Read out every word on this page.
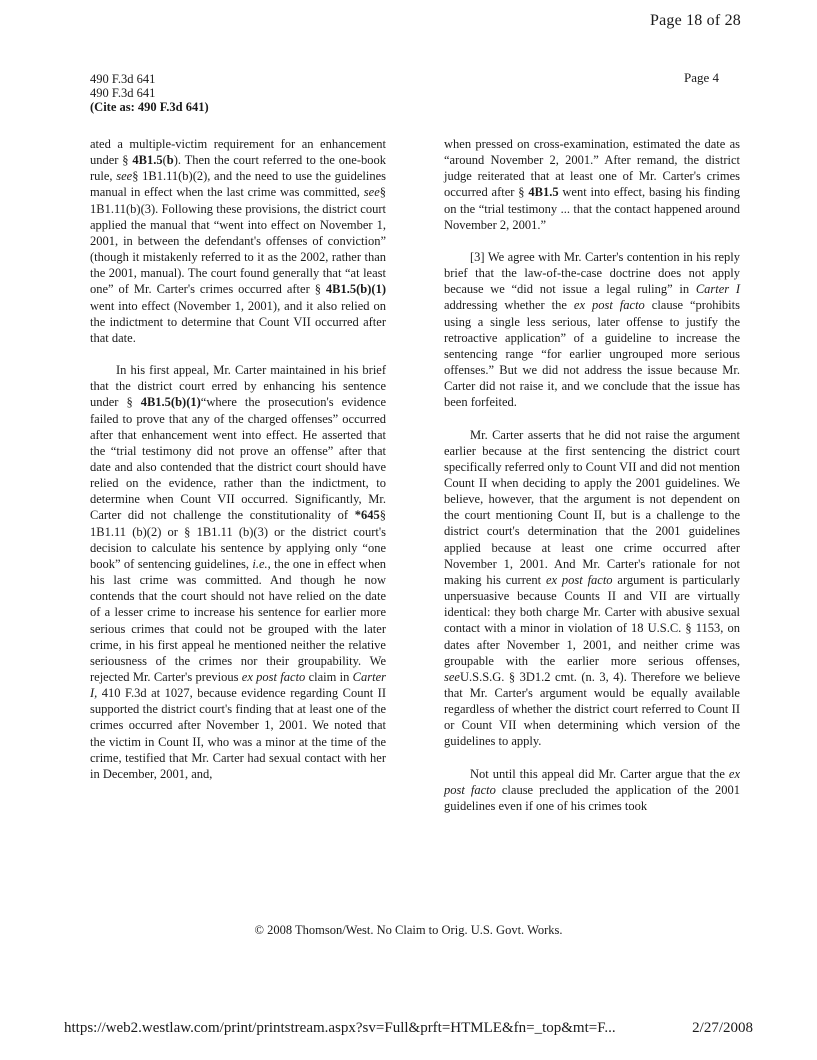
Page 18 of 28
490 F.3d 641
490 F.3d 641
(Cite as: 490 F.3d 641)
Page 4

ated a multiple-victim requirement for an enhancement under § 4B1.5(b). Then the court referred to the one-book rule, see§ 1B1.11(b)(2), and the need to use the guidelines manual in effect when the last crime was committed, see§ 1B1.11(b)(3). Following these provisions, the district court applied the manual that “went into effect on November 1, 2001, in between the defendant's offenses of conviction” (though it mistakenly referred to it as the 2002, rather than the 2001, manual). The court found generally that “at least one” of Mr. Carter's crimes occurred after § 4B1.5(b)(1) went into effect (November 1, 2001), and it also relied on the indictment to determine that Count VII occurred after that date.

In his first appeal, Mr. Carter maintained in his brief that the district court erred by enhancing his sentence under § 4B1.5(b)(1)“where the prosecution's evidence failed to prove that any of the charged offenses” occurred after that enhancement went into effect. He asserted that the “trial testimony did not prove an offense” after that date and also contended that the district court should have relied on the evidence, rather than the indictment, to determine when Count VII occurred. Significantly, Mr. Carter did not challenge the constitutionality of *645§ 1B1.11 (b)(2) or § 1B1.11 (b)(3) or the district court's decision to calculate his sentence by applying only “one book” of sentencing guidelines, i.e., the one in effect when his last crime was committed. And though he now contends that the court should not have relied on the date of a lesser crime to increase his sentence for earlier more serious crimes that could not be grouped with the later crime, in his first appeal he mentioned neither the relative seriousness of the crimes nor their groupability. We rejected Mr. Carter's previous ex post facto claim in Carter I, 410 F.3d at 1027, because evidence regarding Count II supported the district court's finding that at least one of the crimes occurred after November 1, 2001. We noted that the victim in Count II, who was a minor at the time of the crime, testified that Mr. Carter had sexual contact with her in December, 2001, and,

when pressed on cross-examination, estimated the date as “around November 2, 2001.” After remand, the district judge reiterated that at least one of Mr. Carter's crimes occurred after § 4B1.5 went into effect, basing his finding on the “trial testimony ... that the contact happened around November 2, 2001.”

[3] We agree with Mr. Carter's contention in his reply brief that the law-of-the-case doctrine does not apply because we “did not issue a legal ruling” in Carter I addressing whether the ex post facto clause “prohibits using a single less serious, later offense to justify the retroactive application” of a guideline to increase the sentencing range “for earlier ungrouped more serious offenses.” But we did not address the issue because Mr. Carter did not raise it, and we conclude that the issue has been forfeited.

Mr. Carter asserts that he did not raise the argument earlier because at the first sentencing the district court specifically referred only to Count VII and did not mention Count II when deciding to apply the 2001 guidelines. We believe, however, that the argument is not dependent on the court mentioning Count II, but is a challenge to the district court's determination that the 2001 guidelines applied because at least one crime occurred after November 1, 2001. And Mr. Carter's rationale for not making his current ex post facto argument is particularly unpersuasive because Counts II and VII are virtually identical: they both charge Mr. Carter with abusive sexual contact with a minor in violation of 18 U.S.C. § 1153, on dates after November 1, 2001, and neither crime was groupable with the earlier more serious offenses, seeU.S.S.G. § 3D1.2 cmt. (n. 3, 4). Therefore we believe that Mr. Carter's argument would be equally available regardless of whether the district court referred to Count II or Count VII when determining which version of the guidelines to apply.

Not until this appeal did Mr. Carter argue that the ex post facto clause precluded the application of the 2001 guidelines even if one of his crimes took

© 2008 Thomson/West. No Claim to Orig. U.S. Govt. Works.
https://web2.westlaw.com/print/printstream.aspx?sv=Full&prft=HTMLE&fn=_top&mt=F...	2/27/2008
